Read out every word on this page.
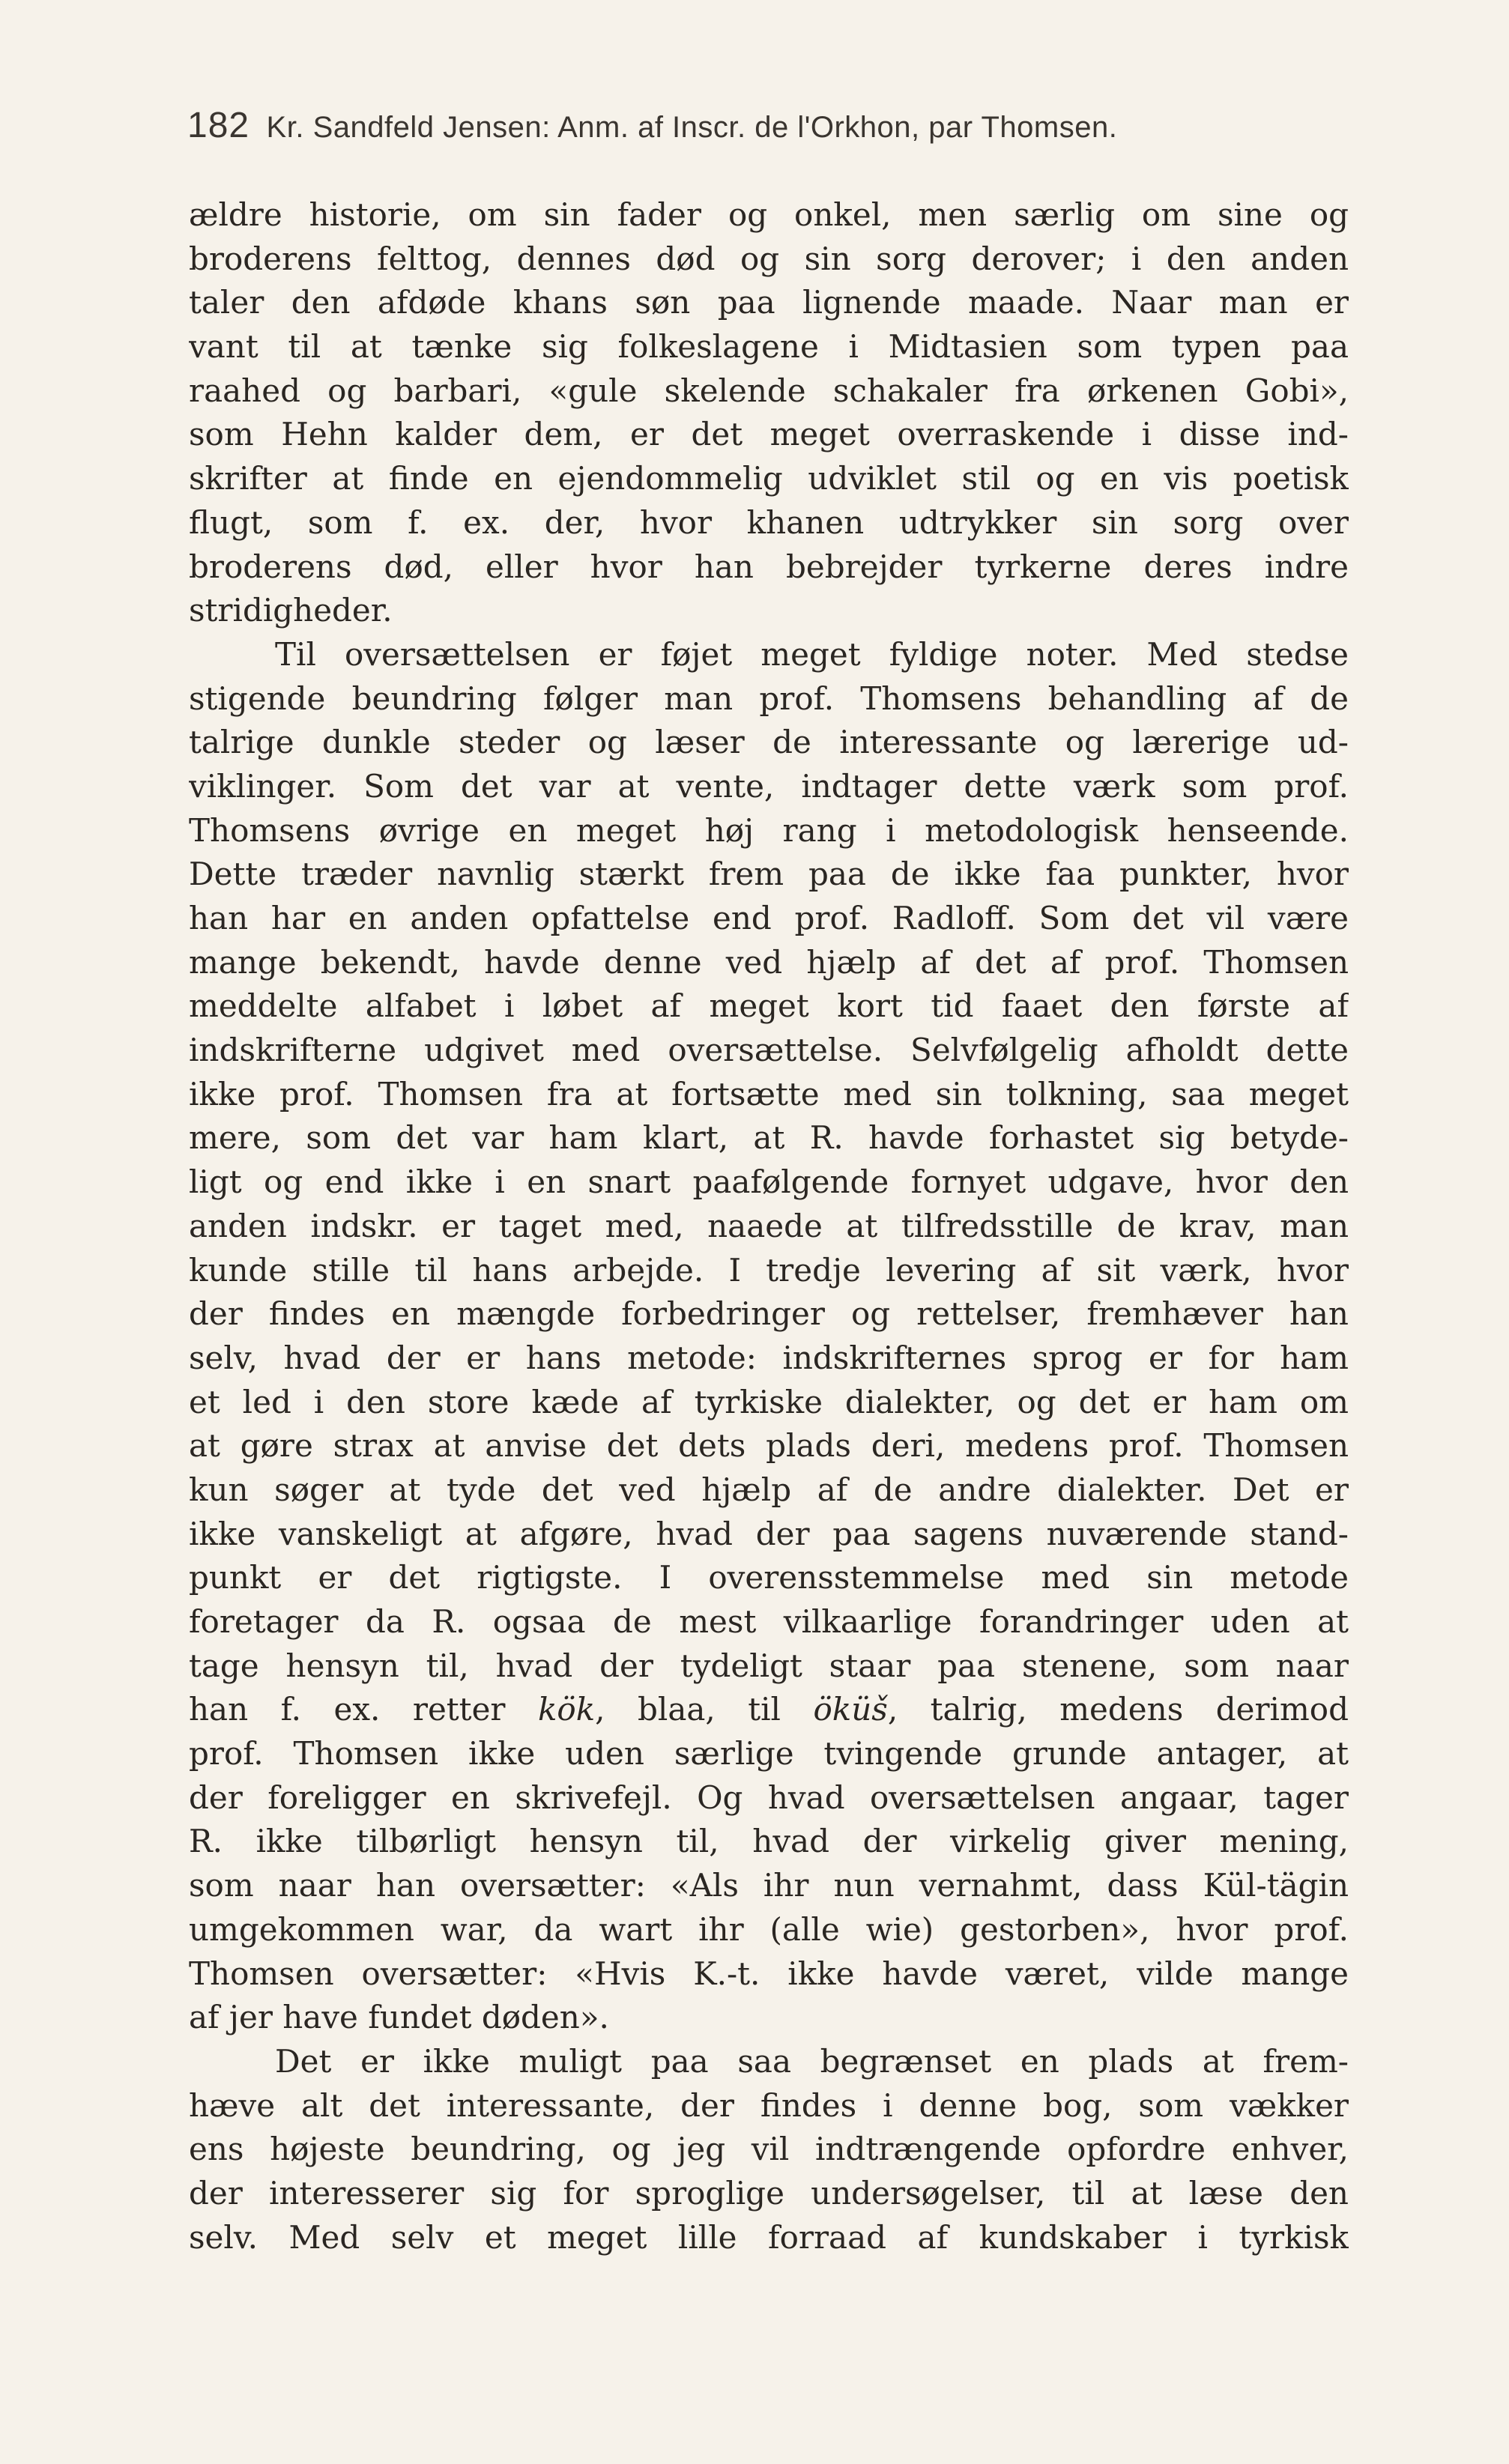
182 Kr. Sandfeld Jensen: Anm. af Inscr. de l'Orkhon, par Thomsen.
ældre historie, om sin fader og onkel, men særlig om sine og
broderens felttog, dennes død og sin sorg derover; i den anden
taler den afdøde khans søn paa lignende maade. Naar man er
vant til at tænke sig folkeslagene i Midtasien som typen paa
raahed og barbari, «gule skelende schakaler fra ørkenen Gobi»,
som Hehn kalder dem, er det meget overraskende i disse ind-
skrifter at finde en ejendommelig udviklet stil og en vis poetisk
flugt, som f. ex. der, hvor khanen udtrykker sin sorg over
broderens død, eller hvor han bebrejder tyrkerne deres indre
stridigheder.
Til oversættelsen er føjet meget fyldige noter. Med stedse
stigende beundring følger man prof. Thomsens behandling af de
talrige dunkle steder og læser de interessante og lærerige ud-
viklinger. Som det var at vente, indtager dette værk som prof.
Thomsens øvrige en meget høj rang i metodologisk henseende.
Dette træder navnlig stærkt frem paa de ikke faa punkter, hvor
han har en anden opfattelse end prof. Radloff. Som det vil være
mange bekendt, havde denne ved hjælp af det af prof. Thomsen
meddelte alfabet i løbet af meget kort tid faaet den første af
indskrifterne udgivet med oversættelse. Selvfølgelig afholdt dette
ikke prof. Thomsen fra at fortsætte med sin tolkning, saa meget
mere, som det var ham klart, at R. havde forhastet sig betyde-
ligt og end ikke i en snart paafølgende fornyet udgave, hvor den
anden indskr. er taget med, naaede at tilfredsstille de krav, man
kunde stille til hans arbejde. I tredje levering af sit værk, hvor
der findes en mængde forbedringer og rettelser, fremhæver han
selv, hvad der er hans metode: indskrifternes sprog er for ham
et led i den store kæde af tyrkiske dialekter, og det er ham om
at gøre strax at anvise det dets plads deri, medens prof. Thomsen
kun søger at tyde det ved hjælp af de andre dialekter. Det er
ikke vanskeligt at afgøre, hvad der paa sagens nuværende stand-
punkt er det rigtigste. I overensstemmelse med sin metode
foretager da R. ogsaa de mest vilkaarlige forandringer uden at
tage hensyn til, hvad der tydeligt staar paa stenene, som naar
han f. ex. retter kök, blaa, til öküš, talrig, medens derimod
prof. Thomsen ikke uden særlige tvingende grunde antager, at
der foreligger en skrivefejl. Og hvad oversættelsen angaar, tager
R. ikke tilbørligt hensyn til, hvad der virkelig giver mening,
som naar han oversætter: «Als ihr nun vernahmt, dass Kül-tägin
umgekommen war, da wart ihr (alle wie) gestorben», hvor prof.
Thomsen oversætter: «Hvis K.-t. ikke havde været, vilde mange
af jer have fundet døden».
Det er ikke muligt paa saa begrænset en plads at frem-
hæve alt det interessante, der findes i denne bog, som vækker
ens højeste beundring, og jeg vil indtrængende opfordre enhver,
der interesserer sig for sproglige undersøgelser, til at læse den
selv. Med selv et meget lille forraad af kundskaber i tyrkisk
